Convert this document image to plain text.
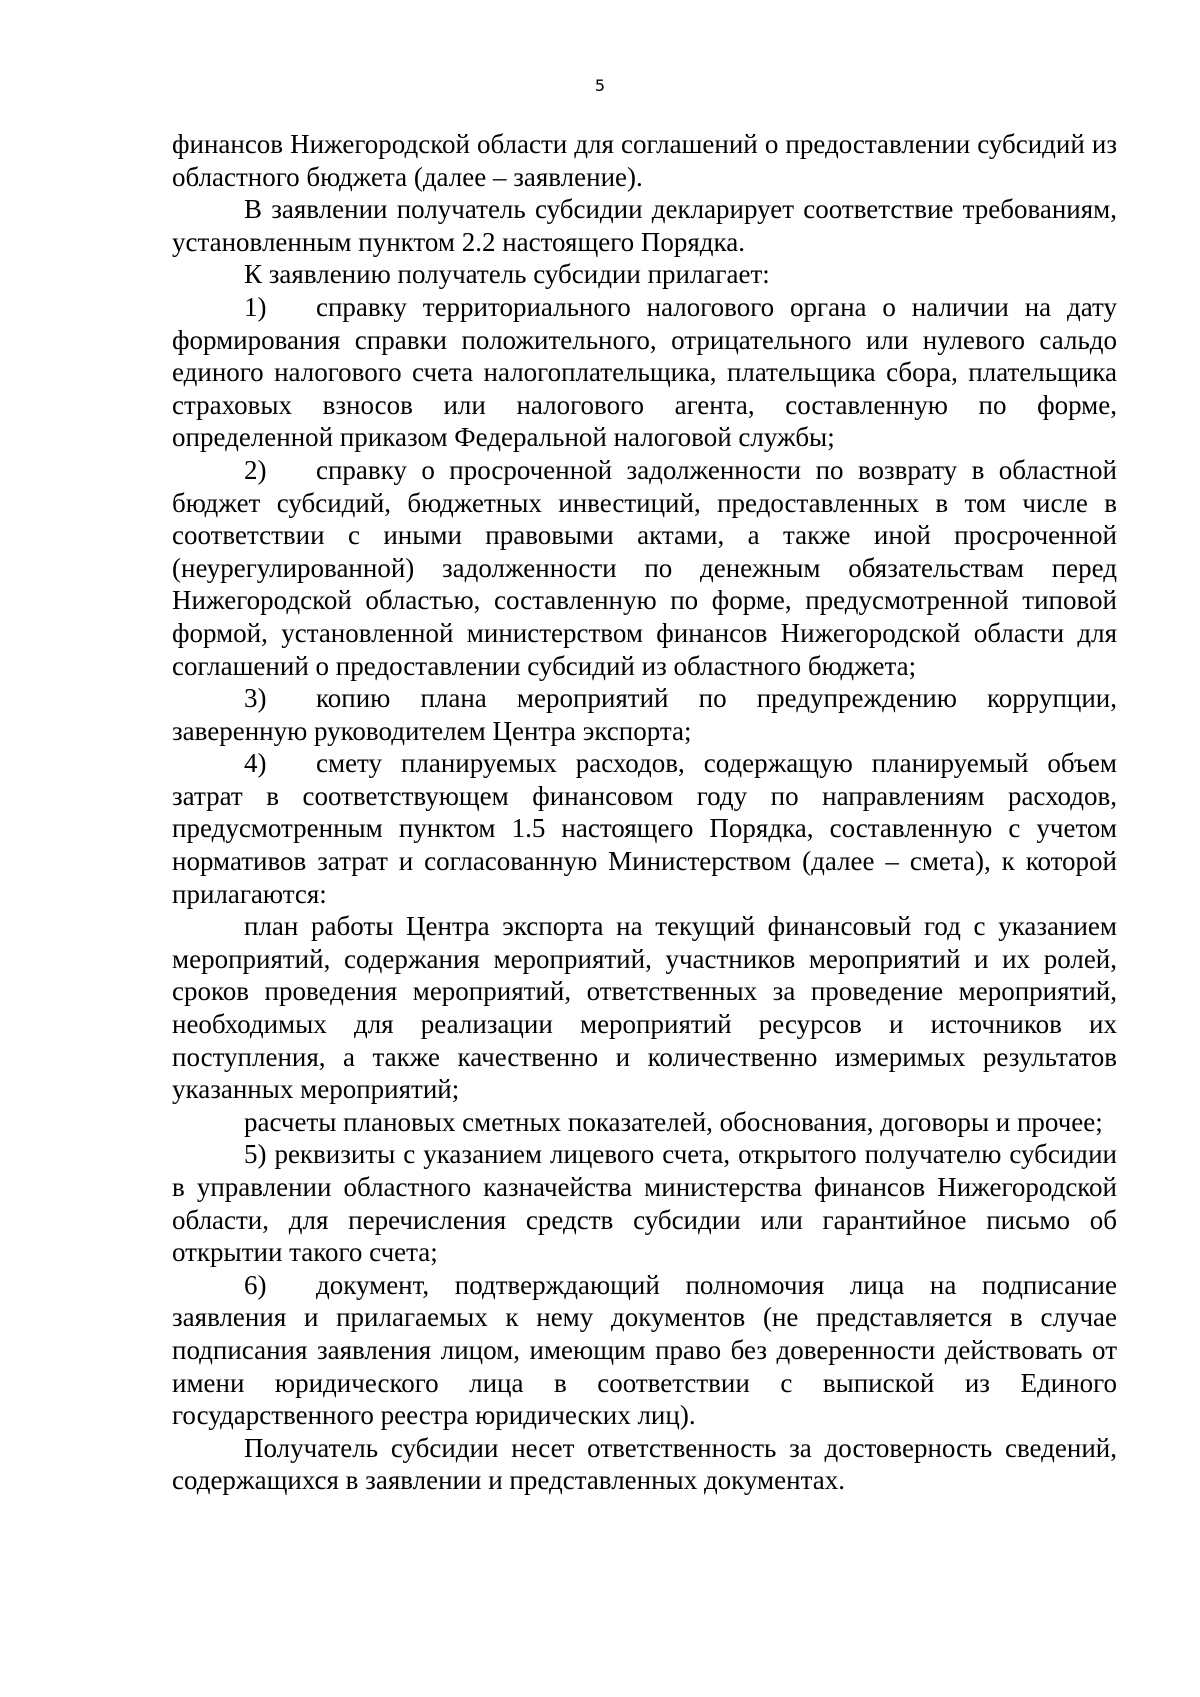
5

финансов Нижегородской области для соглашений о предоставлении субсидий из областного бюджета (далее – заявление).

В заявлении получатель субсидии декларирует соответствие требованиям, установленным пунктом 2.2 настоящего Порядка.

К заявлению получатель субсидии прилагает:

1) справку территориального налогового органа о наличии на дату формирования справки положительного, отрицательного или нулевого сальдо единого налогового счета налогоплательщика, плательщика сбора, плательщика страховых взносов или налогового агента, составленную по форме, определенной приказом Федеральной налоговой службы;

2) справку о просроченной задолженности по возврату в областной бюджет субсидий, бюджетных инвестиций, предоставленных в том числе в соответствии с иными правовыми актами, а также иной просроченной (неурегулированной) задолженности по денежным обязательствам перед Нижегородской областью, составленную по форме, предусмотренной типовой формой, установленной министерством финансов Нижегородской области для соглашений о предоставлении субсидий из областного бюджета;

3) копию плана мероприятий по предупреждению коррупции, заверенную руководителем Центра экспорта;

4) смету планируемых расходов, содержащую планируемый объем затрат в соответствующем финансовом году по направлениям расходов, предусмотренным пунктом 1.5 настоящего Порядка, составленную с учетом нормативов затрат и согласованную Министерством (далее – смета), к которой прилагаются:

план работы Центра экспорта на текущий финансовый год с указанием мероприятий, содержания мероприятий, участников мероприятий и их ролей, сроков проведения мероприятий, ответственных за проведение мероприятий, необходимых для реализации мероприятий ресурсов и источников их поступления, а также качественно и количественно измеримых результатов указанных мероприятий;

расчеты плановых сметных показателей, обоснования, договоры и прочее;

5) реквизиты с указанием лицевого счета, открытого получателю субсидии в управлении областного казначейства министерства финансов Нижегородской области, для перечисления средств субсидии или гарантийное письмо об открытии такого счета;

6) документ, подтверждающий полномочия лица на подписание заявления и прилагаемых к нему документов (не представляется в случае подписания заявления лицом, имеющим право без доверенности действовать от имени юридического лица в соответствии с выпиской из Единого государственного реестра юридических лиц).

Получатель субсидии несет ответственность за достоверность сведений, содержащихся в заявлении и представленных документах.
